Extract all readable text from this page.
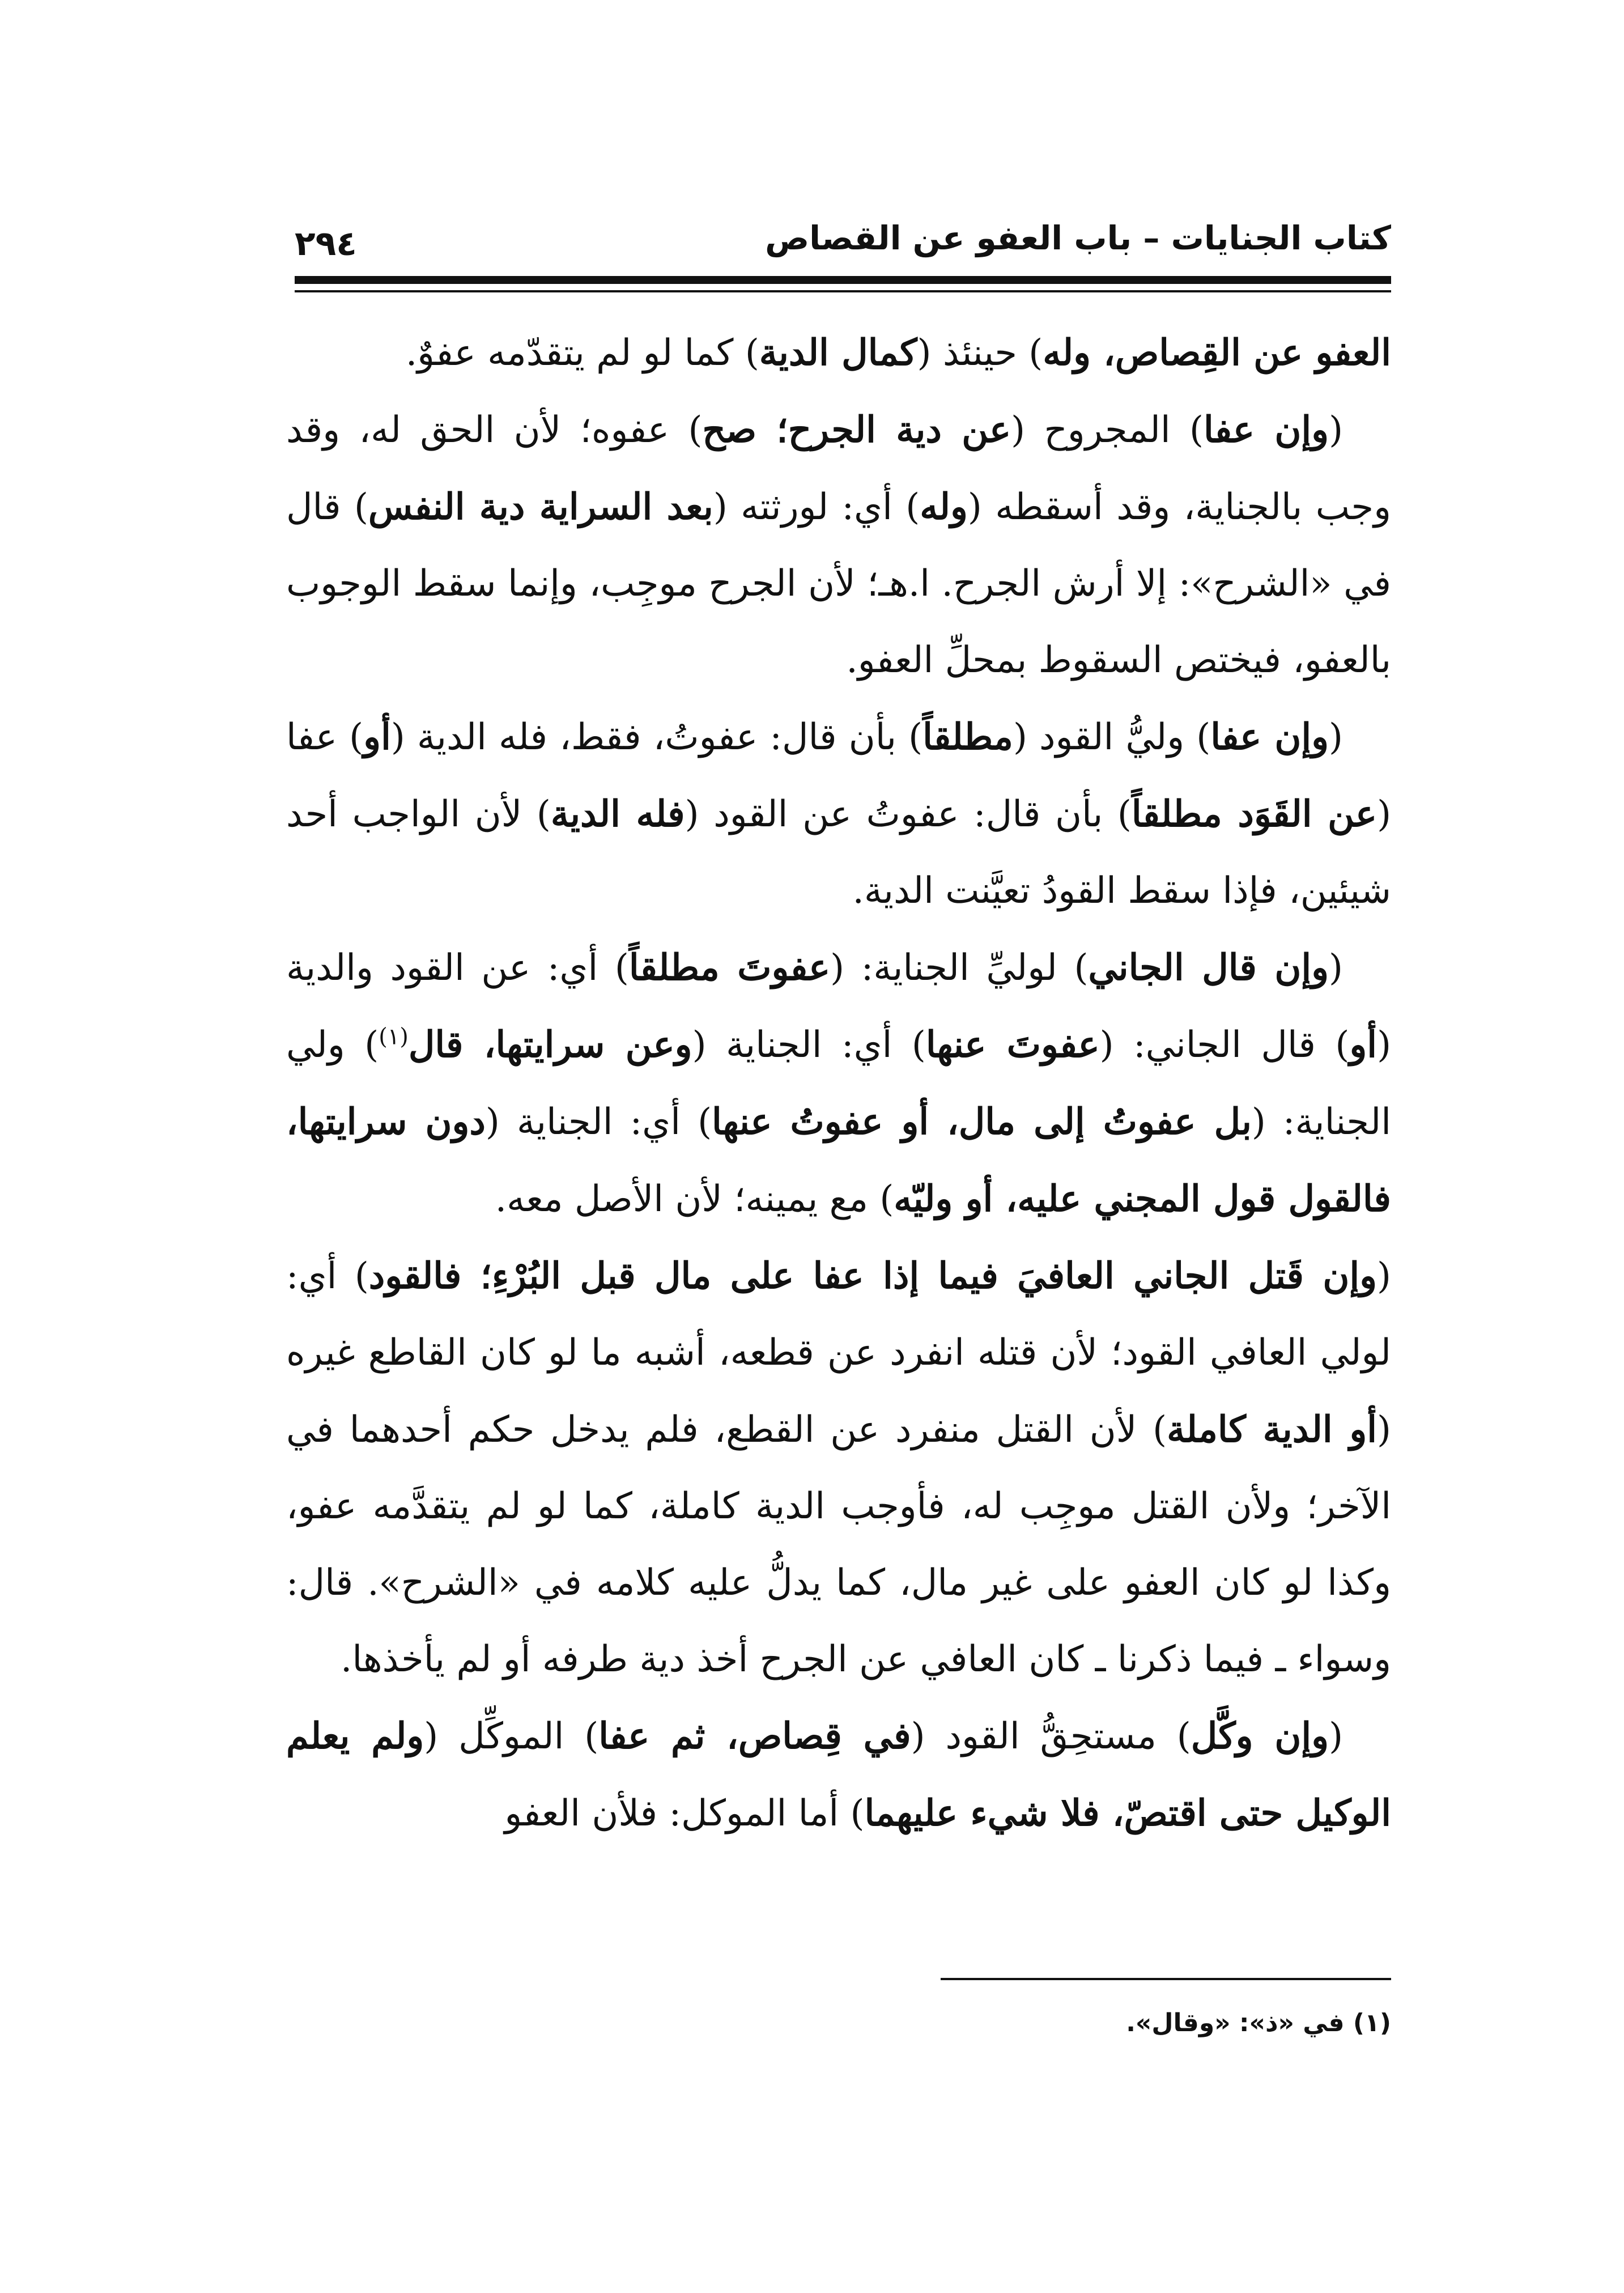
كتاب الجنايات – باب العفو عن القصاص
٢٩٤

العفو عن القِصاص، وله) حينئذ (كمال الدية) كما لو لم يتقدّمه عفوٌ.

(وإن عفا) المجروح (عن دية الجرح؛ صح) عفوه؛ لأن الحق له، وقد وجب بالجناية، وقد أسقطه (وله) أي: لورثته (بعد السراية دية النفس) قال في «الشرح»: إلا أرش الجرح. ا.هـ؛ لأن الجرح موجِب، وإنما سقط الوجوب بالعفو، فيختص السقوط بمحلِّ العفو.

(وإن عفا) وليُّ القود (مطلقاً) بأن قال: عفوتُ، فقط، فله الدية (أو) عفا (عن القَوَد مطلقاً) بأن قال: عفوتُ عن القود (فله الدية) لأن الواجب أحد شيئين، فإذا سقط القودُ تعيَّنت الدية.

(وإن قال الجاني) لوليِّ الجناية: (عفوتَ مطلقاً) أي: عن القود والدية (أو) قال الجاني: (عفوتَ عنها) أي: الجناية (وعن سرايتها، قال$^{(١)}$) ولي الجناية: (بل عفوتُ إلى مال، أو عفوتُ عنها) أي: الجناية (دون سرايتها، فالقول قول المجني عليه، أو وليّه) مع يمينه؛ لأن الأصل معه.

(وإن قَتل الجاني العافيَ فيما إذا عفا على مال قبل البُرْءِ؛ فالقود) أي: لولي العافي القود؛ لأن قتله انفرد عن قطعه، أشبه ما لو كان القاطع غيره (أو الدية كاملة) لأن القتل منفرد عن القطع، فلم يدخل حكم أحدهما في الآخر؛ ولأن القتل موجِب له، فأوجب الدية كاملة، كما لو لم يتقدَّمه عفو، وكذا لو كان العفو على غير مال، كما يدلُّ عليه كلامه في «الشرح». قال: وسواء ـ فيما ذكرنا ـ كان العافي عن الجرح أخذ دية طرفه أو لم يأخذها.

(وإن وكَّل) مستحِقُّ القود (في قِصاص، ثم عفا) الموكِّل (ولم يعلم الوكيل حتى اقتصّ، فلا شيء عليهما) أما الموكل: فلأن العفو

(١) في «ذ»: «وقال».
